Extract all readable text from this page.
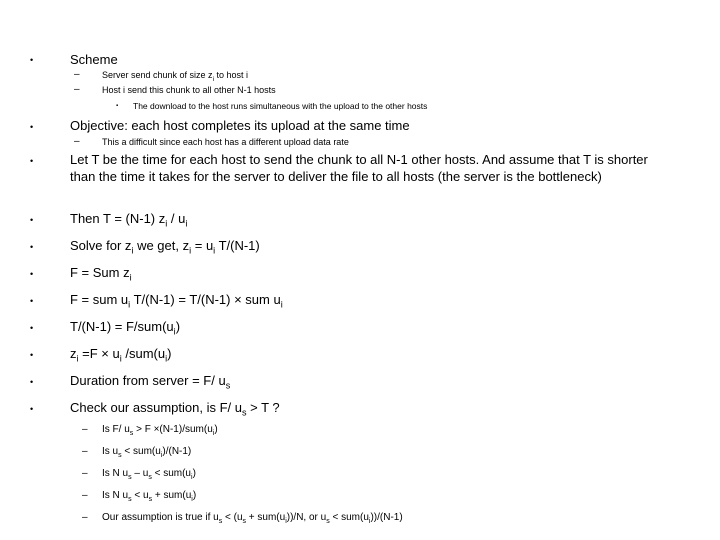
•	Scheme
– Server send chunk of size $z_i$ to host i
– Host i send this chunk to all other N-1 hosts
▪ The download to the host runs simultaneous with the upload to the other hosts
•	Objective: each host completes its upload at the same time
– This a difficult since each host has a different upload data rate
•	Let T be the time for each host to send the chunk to all N-1 other hosts. And assume that T is shorter than the time it takes for the server to deliver the file to all hosts (the server is the bottleneck)
•	Then T = (N-1) $z_i / u_i$
•	Solve for $z_i$ we get, $z_i = u_i$ T/(N-1)
•	F = Sum $z_i$
•	F = sum $u_i$ T/(N-1) = T/(N-1) × sum $u_i$
•	$T/(N-1) = F/sum(u_i)$
•	$z_i =F \times u_i$ $/sum(u_i)$
•	Duration from server = F/ $u_s$
•	Check our assumption, is F/ $u_s > T$ ?
– Is F/ $u_s > F \times(N-1)/sum(u_i)$
– Is $u_s < sum(u_i)/(N-1)$
– Is N $u_s - u_s < sum(u_i)$
– Is N $u_s < u_s + sum(u_i)$
– Our assumption is true if $u_s < (u_s + sum(u_i))/N$, or $u_s < sum(u_i))/(N-1)$
